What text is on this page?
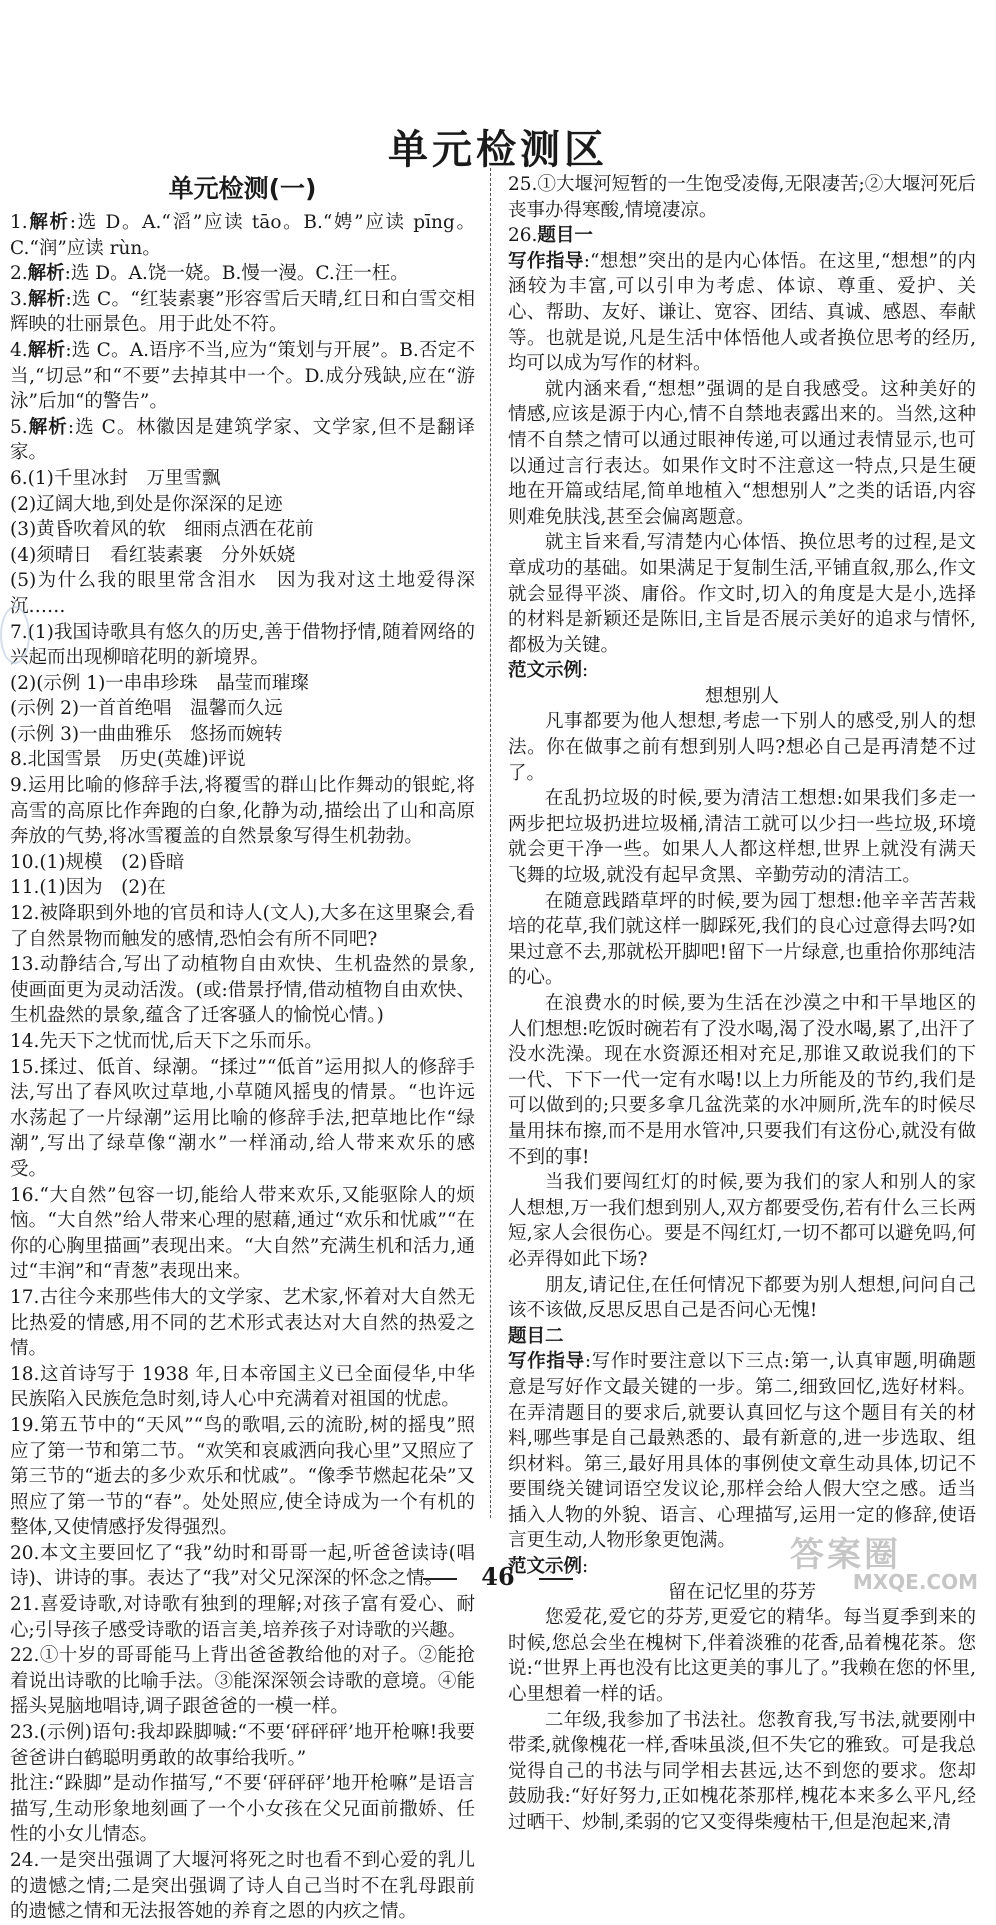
单元检测区
单元检测(一)
1.解析:选 D。A.“滔”应读 tāo。B.“娉”应读 pīng。C.“润”应读 rùn。
2.解析:选 D。A.饶一娆。B.慢一漫。C.汪一枉。
3.解析:选 C。“红装素裹”形容雪后天晴,红日和白雪交相辉映的壮丽景色。用于此处不符。
4.解析:选 C。A.语序不当,应为“策划与开展”。B.否定不当,“切忌”和“不要”去掉其中一个。D.成分残缺,应在“游泳”后加“的警告”。
5.解析:选 C。林徽因是建筑学家、文学家,但不是翻译家。
6.(1)千里冰封　万里雪飘
(2)辽阔大地,到处是你深深的足迹
(3)黄昏吹着风的软　细雨点洒在花前
(4)须晴日　看红装素裹　分外妖娆
(5)为什么我的眼里常含泪水　因为我对这土地爱得深沉……
7.(1)我国诗歌具有悠久的历史,善于借物抒情,随着网络的兴起而出现柳暗花明的新境界。
(2)(示例 1)一串串珍珠　晶莹而璀璨
(示例 2)一首首绝唱　温馨而久远
(示例 3)一曲曲雅乐　悠扬而婉转
8.北国雪景　历史(英雄)评说
9.运用比喻的修辞手法,将覆雪的群山比作舞动的银蛇,将高雪的高原比作奔跑的白象,化静为动,描绘出了山和高原奔放的气势,将冰雪覆盖的自然景象写得生机勃勃。
10.(1)规模　(2)昏暗
11.(1)因为　(2)在
12.被降职到外地的官员和诗人(文人),大多在这里聚会,看了自然景物而触发的感情,恐怕会有所不同吧?
13.动静结合,写出了动植物自由欢快、生机盎然的景象,使画面更为灵动活泼。(或:借景抒情,借动植物自由欢快、生机盎然的景象,蕴含了迁客骚人的愉悦心情。)
14.先天下之忧而忧,后天下之乐而乐。
15.揉过、低首、绿潮。“揉过”“低首”运用拟人的修辞手法,写出了春风吹过草地,小草随风摇曳的情景。“也许远水荡起了一片绿潮”运用比喻的修辞手法,把草地比作“绿潮”,写出了绿草像“潮水”一样涌动,给人带来欢乐的感受。
16.“大自然”包容一切,能给人带来欢乐,又能驱除人的烦恼。“大自然”给人带来心理的慰藉,通过“欢乐和忧戚”“在你的心胸里描画”表现出来。“大自然”充满生机和活力,通过“丰润”和“青葱”表现出来。
17.古往今来那些伟大的文学家、艺术家,怀着对大自然无比热爱的情感,用不同的艺术形式表达对大自然的热爱之情。
18.这首诗写于 1938 年,日本帝国主义已全面侵华,中华民族陷入民族危急时刻,诗人心中充满着对祖国的忧虑。
19.第五节中的“天风”“鸟的歌唱,云的流盼,树的摇曳”照应了第一节和第二节。“欢笑和哀戚洒向我心里”又照应了第三节的“逝去的多少欢乐和忧戚”。“像季节燃起花朵”又照应了第一节的“春”。处处照应,使全诗成为一个有机的整体,又使情感抒发得强烈。
20.本文主要回忆了“我”幼时和哥哥一起,听爸爸读诗(唱诗)、讲诗的事。表达了“我”对父兄深深的怀念之情。
21.喜爱诗歌,对诗歌有独到的理解;对孩子富有爱心、耐心;引导孩子感受诗歌的语言美,培养孩子对诗歌的兴趣。
22.①十岁的哥哥能马上背出爸爸教给他的对子。②能抢着说出诗歌的比喻手法。③能深深领会诗歌的意境。④能摇头晃脑地唱诗,调子跟爸爸的一模一样。
23.(示例)语句:我却跺脚喊:“不要‘砰砰砰’地开枪嘛!我要爸爸讲白鹤聪明勇敢的故事给我听。”
批注:“跺脚”是动作描写,“不要‘砰砰砰’地开枪嘛”是语言描写,生动形象地刻画了一个小女孩在父兄面前撒娇、任性的小女儿情态。
24.一是突出强调了大堰河将死之时也看不到心爱的乳儿的遗憾之情;二是突出强调了诗人自己当时不在乳母跟前的遗憾之情和无法报答她的养育之恩的内疚之情。
25.①大堰河短暂的一生饱受凌侮,无限凄苦;②大堰河死后丧事办得寒酸,情境凄凉。
26.题目一
写作指导:“想想”突出的是内心体悟。在这里,“想想”的内涵较为丰富,可以引申为考虑、体谅、尊重、爱护、关心、帮助、友好、谦让、宽容、团结、真诚、感恩、奉献等。也就是说,凡是生活中体悟他人或者换位思考的经历,均可以成为写作的材料。
就内涵来看,“想想”强调的是自我感受。这种美好的情感,应该是源于内心,情不自禁地表露出来的。当然,这种情不自禁之情可以通过眼神传递,可以通过表情显示,也可以通过言行表达。如果作文时不注意这一特点,只是生硬地在开篇或结尾,简单地植入“想想别人”之类的话语,内容则难免肤浅,甚至会偏离题意。
就主旨来看,写清楚内心体悟、换位思考的过程,是文章成功的基础。如果满足于复制生活,平铺直叙,那么,作文就会显得平淡、庸俗。作文时,切入的角度是大是小,选择的材料是新颖还是陈旧,主旨是否展示美好的追求与情怀,都极为关键。
范文示例:
想想别人
凡事都要为他人想想,考虑一下别人的感受,别人的想法。你在做事之前有想到别人吗?想必自己是再清楚不过了。
在乱扔垃圾的时候,要为清洁工想想:如果我们多走一两步把垃圾扔进垃圾桶,清洁工就可以少扫一些垃圾,环境就会更干净一些。如果人人都这样想,世界上就没有满天飞舞的垃圾,就没有起早贪黑、辛勤劳动的清洁工。
在随意践踏草坪的时候,要为园丁想想:他辛辛苦苦栽培的花草,我们就这样一脚踩死,我们的良心过意得去吗?如果过意不去,那就松开脚吧!留下一片绿意,也重拾你那纯洁的心。
在浪费水的时候,要为生活在沙漠之中和干旱地区的人们想想:吃饭时碗若有了没水喝,渴了没水喝,累了,出汗了没水洗澡。现在水资源还相对充足,那谁又敢说我们的下一代、下下一代一定有水喝!以上力所能及的节约,我们是可以做到的;只要多拿几盆洗菜的水冲厕所,洗车的时候尽量用抹布擦,而不是用水管冲,只要我们有这份心,就没有做不到的事!
当我们要闯红灯的时候,要为我们的家人和别人的家人想想,万一我们想到别人,双方都要受伤,若有什么三长两短,家人会很伤心。要是不闯红灯,一切不都可以避免吗,何必弄得如此下场?
朋友,请记住,在任何情况下都要为别人想想,问问自己该不该做,反思反思自己是否问心无愧!
题目二
写作指导:写作时要注意以下三点:第一,认真审题,明确题意是写好作文最关键的一步。第二,细致回忆,选好材料。在弄清题目的要求后,就要认真回忆与这个题目有关的材料,哪些事是自己最熟悉的、最有新意的,进一步选取、组织材料。第三,最好用具体的事例使文章生动具体,切记不要围绕关键词语空发议论,那样会给人假大空之感。适当插入人物的外貌、语言、心理描写,运用一定的修辞,使语言更生动,人物形象更饱满。
范文示例:
留在记忆里的芬芳
您爱花,爱它的芬芳,更爱它的精华。每当夏季到来的时候,您总会坐在槐树下,伴着淡雅的花香,品着槐花茶。您说:“世界上再也没有比这更美的事儿了。”我赖在您的怀里,心里想着一样的话。
二年级,我参加了书法社。您教育我,写书法,就要刚中带柔,就像槐花一样,香味虽淡,但不失它的雅致。可是我总觉得自己的书法与同学相去甚远,达不到您的要求。您却鼓励我:“好好努力,正如槐花茶那样,槐花本来多么平凡,经过晒干、炒制,柔弱的它又变得柴瘦枯干,但是泡起来,清
46
答案圈
MXQE.COM
